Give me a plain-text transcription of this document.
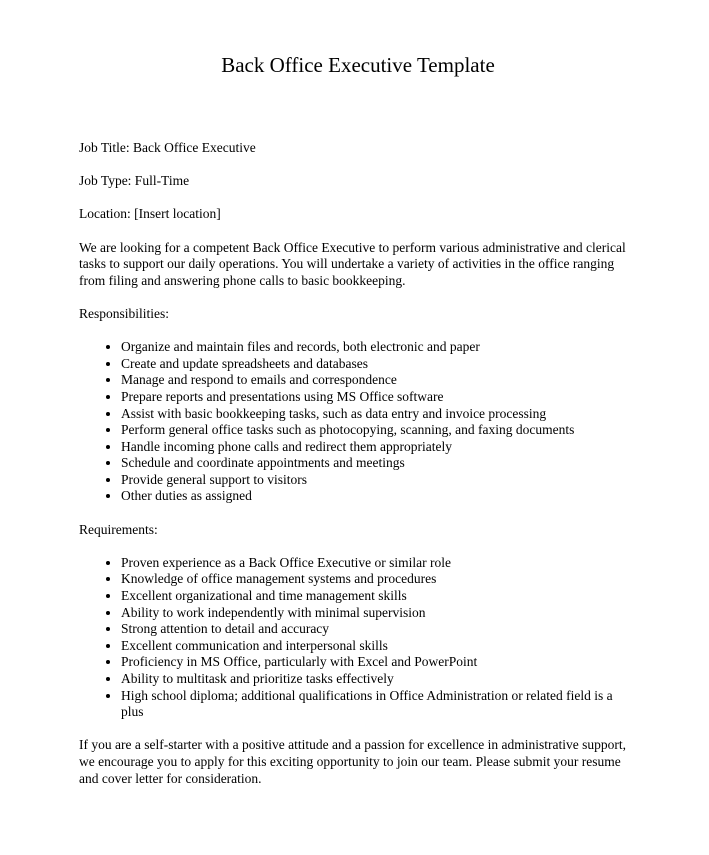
Back Office Executive Template

Job Title: Back Office Executive

Job Type: Full-Time

Location: [Insert location]

We are looking for a competent Back Office Executive to perform various administrative and clerical tasks to support our daily operations. You will undertake a variety of activities in the office ranging from filing and answering phone calls to basic bookkeeping.

Responsibilities:

• Organize and maintain files and records, both electronic and paper
• Create and update spreadsheets and databases
• Manage and respond to emails and correspondence
• Prepare reports and presentations using MS Office software
• Assist with basic bookkeeping tasks, such as data entry and invoice processing
• Perform general office tasks such as photocopying, scanning, and faxing documents
• Handle incoming phone calls and redirect them appropriately
• Schedule and coordinate appointments and meetings
• Provide general support to visitors
• Other duties as assigned

Requirements:

• Proven experience as a Back Office Executive or similar role
• Knowledge of office management systems and procedures
• Excellent organizational and time management skills
• Ability to work independently with minimal supervision
• Strong attention to detail and accuracy
• Excellent communication and interpersonal skills
• Proficiency in MS Office, particularly with Excel and PowerPoint
• Ability to multitask and prioritize tasks effectively
• High school diploma; additional qualifications in Office Administration or related field is a plus

If you are a self-starter with a positive attitude and a passion for excellence in administrative support, we encourage you to apply for this exciting opportunity to join our team. Please submit your resume and cover letter for consideration.
